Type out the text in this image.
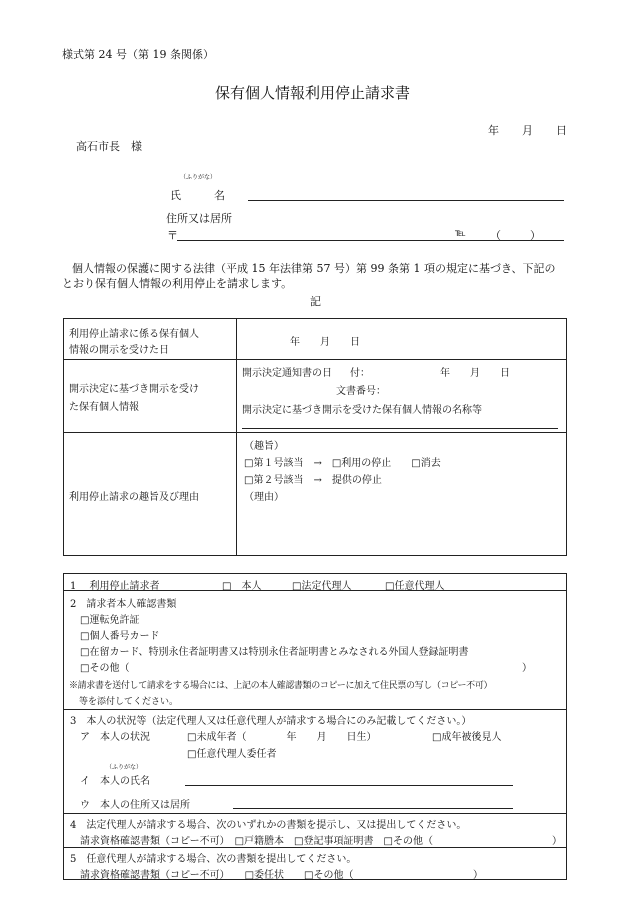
様式第 24 号（第 19 条関係）
保有個人情報利用停止請求書
年 月 日
高石市長　様
（ふりがな）
氏　　　名
住所又は居所
〒	℡ （	）
個人情報の保護に関する法律（平成 15 年法律第 57 号）第 99 条第 1 項の規定に基づき、下記の
とおり保有個人情報の利用停止を請求します。
記
利用停止請求に係る保有個人
情報の開示を受けた日
年　　月　　日
開示決定に基づき開示を受け
た保有個人情報
開示決定通知書の日 付：	年　　月　　日
文書番号：
開示決定に基づき開示を受けた保有個人情報の名称等
利用停止請求の趣旨及び理由
（趣旨）
□第１号該当　→　□利用の停止　　□消去
□第２号該当　→　提供の停止
（理由）
1　 利用停止請求者	□　本人	□法定代理人	□任意代理人
2　請求者本人確認書類
□運転免許証
□個人番号カード
□在留カード、特別永住者証明書又は特別永住者証明書とみなされる外国人登録証明書
□その他（	）
※請求書を送付して請求をする場合には、上記の本人確認書類のコピーに加えて住民票の写し（コピー不可）
等を添付してください。
3　本人の状況等（法定代理人又は任意代理人が請求する場合にのみ記載してください。）
ア　本人の状況	□未成年者（　　　　年　　月　　日生）	□成年被後見人
□任意代理人委任者
（ふりがな）
イ　本人の氏名
ウ　本人の住所又は居所
4　法定代理人が請求する場合、次のいずれかの書類を提示し、又は提出してください。
請求資格確認書類（コピー不可）　□戸籍謄本　□登記事項証明書　□その他（	）
5　任意代理人が請求する場合、次の書類を提出してください。
請求資格確認書類（コピー不可）　　□委任状　　□その他（	）
